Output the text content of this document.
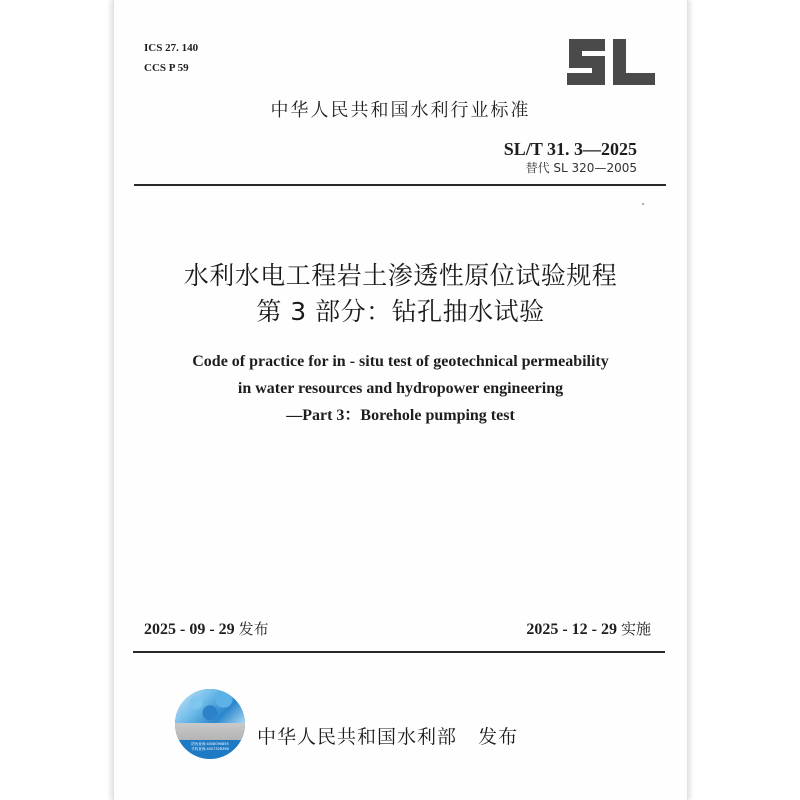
ICS 27. 140
CCS P 59
中华人民共和国水利行业标准
SL/T 31. 3—2025
替代 SL 320—2005
水利水电工程岩土渗透性原位试验规程
第 3 部分：钻孔抽水试验
Code of practice for in - situ test of geotechnical permeability
in water resources and hydropower engineering
—Part 3：Borehole pumping test
2025 - 09 - 29 发布	2025 - 12 - 29 实施
防伪查询:4008090855
手机查询:4007328398
中华人民共和国水利部 发布
